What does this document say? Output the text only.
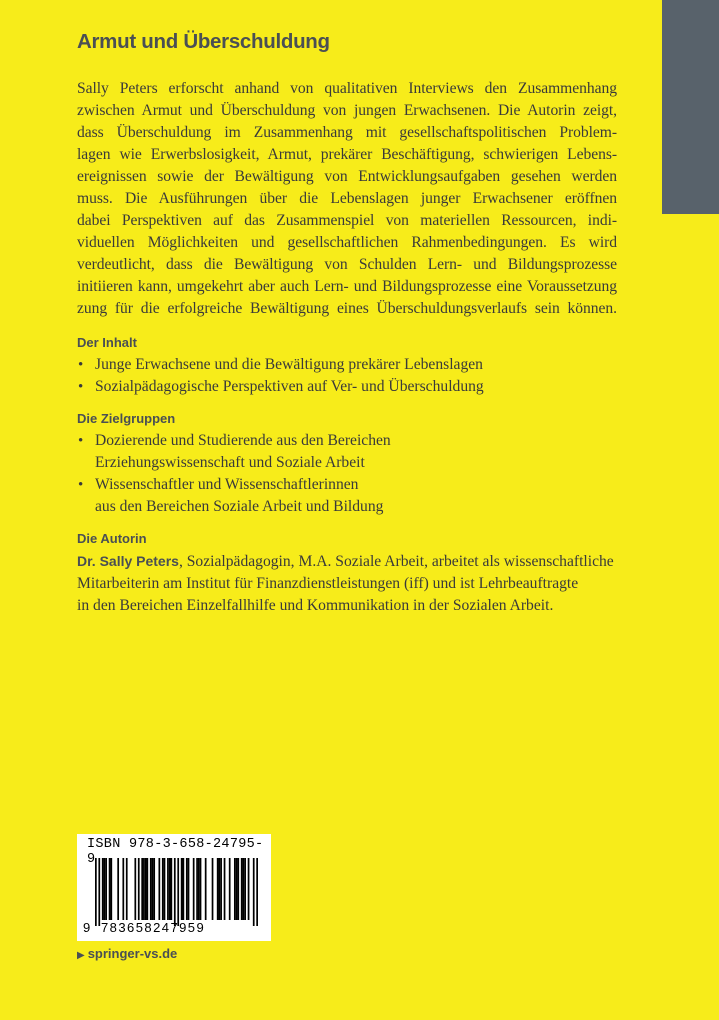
Armut und Überschuldung

Sally Peters erforscht anhand von qualitativen Interviews den Zusammenhang
zwischen Armut und Überschuldung von jungen Erwachsenen. Die Autorin zeigt,
dass Überschuldung im Zusammenhang mit gesellschaftspolitischen Problem-
lagen wie Erwerbslosigkeit, Armut, prekärer Beschäftigung, schwierigen Lebens-
ereignissen sowie der Bewältigung von Entwicklungsaufgaben gesehen werden
muss. Die Ausführungen über die Lebenslagen junger Erwachsener eröffnen
dabei Perspektiven auf das Zusammenspiel von materiellen Ressourcen, indi-
viduellen Möglichkeiten und gesellschaftlichen Rahmenbedingungen. Es wird
verdeutlicht, dass die Bewältigung von Schulden Lern- und Bildungsprozesse
initiieren kann, umgekehrt aber auch Lern- und Bildungsprozesse eine Voraussetzung
zung für die erfolgreiche Bewältigung eines Überschuldungsverlaufs sein können.

Der Inhalt
• Junge Erwachsene und die Bewältigung prekärer Lebenslagen
• Sozialpädagogische Perspektiven auf Ver- und Überschuldung
Die Zielgruppen
• Dozierende und Studierende aus den Bereichen
Erziehungswissenschaft und Soziale Arbeit
• Wissenschaftler und Wissenschaftlerinnen
aus den Bereichen Soziale Arbeit und Bildung
Die Autorin
Dr. Sally Peters, Sozialpädagogin, M.A. Soziale Arbeit, arbeitet als wissenschaftliche
Mitarbeiterin am Institut für Finanzdienstleistungen (iff) und ist Lehrbeauftragte
in den Bereichen Einzelfallhilfe und Kommunikation in der Sozialen Arbeit.
ISBN 978-3-658-24795-9
9 783658247959
▶ springer-vs.de
